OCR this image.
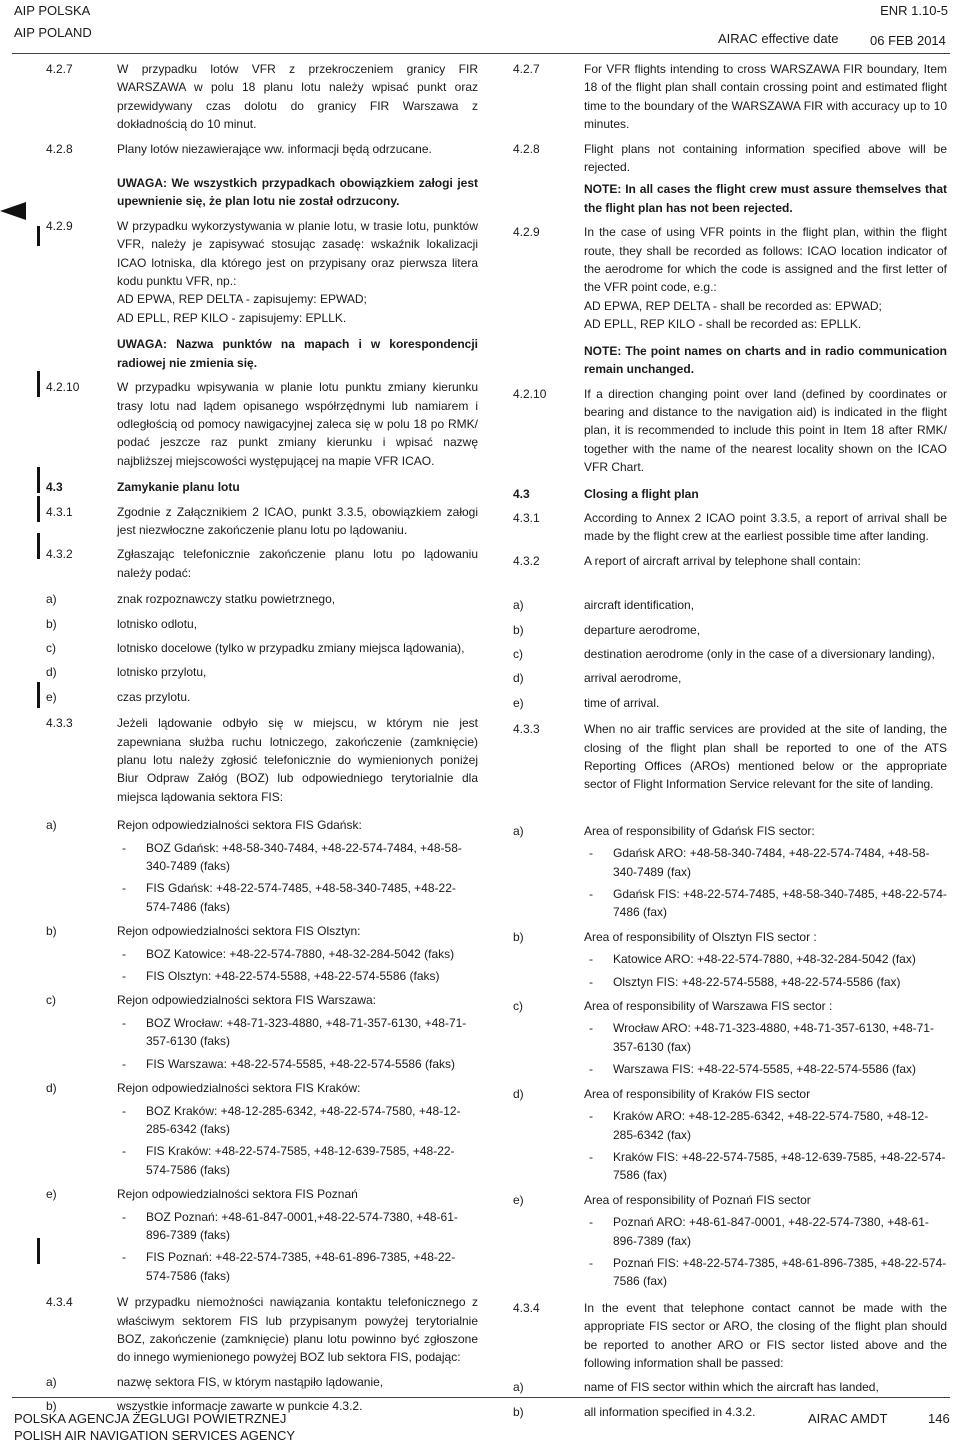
AIP POLSKA
AIP POLAND
ENR 1.10-5
AIRAC effective date 06 FEB 2014
4.2.7	W przypadku lotów VFR z przekroczeniem granicy FIR WARSZAWA w polu 18 planu lotu należy wpisać punkt oraz przewidywany czas dolotu do granicy FIR Warszawa z dokładnością do 10 minut.
4.2.8	Plany lotów niezawierające ww. informacji będą odrzucane.
UWAGA: We wszystkich przypadkach obowiązkiem załogi jest upewnienie się, że plan lotu nie został odrzucony.
4.2.9	W przypadku wykorzystywania w planie lotu, w trasie lotu, punktów VFR, należy je zapisywać stosując zasadę: wskaźnik lokalizacji ICAO lotniska, dla którego jest on przypisany oraz pierwsza litera kodu punktu VFR, np.:
AD EPWA, REP DELTA - zapisujemy: EPWAD;
AD EPLL, REP KILO - zapisujemy: EPLLK.
UWAGA: Nazwa punktów na mapach i w korespondencji radiowej nie zmienia się.
4.2.10	W przypadku wpisywania w planie lotu punktu zmiany kierunku trasy lotu nad lądem opisanego współrzędnymi lub namiarem i odległością od pomocy nawigacyjnej zaleca się w polu 18 po RMK/ podać jeszcze raz punkt zmiany kierunku i wpisać nazwę najbliższej miejscowości występującej na mapie VFR ICAO.
4.3	Zamykanie planu lotu
4.3.1	Zgodnie z Załącznikiem 2 ICAO, punkt 3.3.5, obowiązkiem załogi jest niezwłoczne zakończenie planu lotu po lądowaniu.
4.3.2	Zgłaszając telefonicznie zakończenie planu lotu po lądowaniu należy podać:
a)	znak rozpoznawczy statku powietrznego,
b)	lotnisko odlotu,
c)	lotnisko docelowe (tylko w przypadku zmiany miejsca lądowania),
d)	lotnisko przylotu,
e)	czas przylotu.
4.3.3	Jeżeli lądowanie odbyło się w miejscu, w którym nie jest zapewniana służba ruchu lotniczego, zakończenie (zamknięcie) planu lotu należy zgłosić telefonicznie do wymienionych poniżej Biur Odpraw Załóg (BOZ) lub odpowiedniego terytorialnie dla miejsca lądowania sektora FIS:
a)	Rejon odpowiedzialności sektora FIS Gdańsk:
- BOZ Gdańsk: +48-58-340-7484, +48-22-574-7484, +48-58-340-7489 (faks)
- FIS Gdańsk: +48-22-574-7485, +48-58-340-7485, +48-22-574-7486 (faks)
b)	Rejon odpowiedzialności sektora FIS Olsztyn:
- BOZ Katowice: +48-22-574-7880, +48-32-284-5042 (faks)
- FIS Olsztyn: +48-22-574-5588, +48-22-574-5586 (faks)
c)	Rejon odpowiedzialności sektora FIS Warszawa:
- BOZ Wrocław: +48-71-323-4880, +48-71-357-6130, +48-71-357-6130 (faks)
- FIS Warszawa: +48-22-574-5585, +48-22-574-5586 (faks)
d)	Rejon odpowiedzialności sektora FIS Kraków:
- BOZ Kraków: +48-12-285-6342, +48-22-574-7580, +48-12-285-6342 (faks)
- FIS Kraków: +48-22-574-7585, +48-12-639-7585, +48-22-574-7586 (faks)
e)	Rejon odpowiedzialności sektora FIS Poznań
- BOZ Poznań: +48-61-847-0001,+48-22-574-7380, +48-61-896-7389 (faks)
- FIS Poznań: +48-22-574-7385, +48-61-896-7385, +48-22-574-7586 (faks)
4.3.4	W przypadku niemożności nawiązania kontaktu telefonicznego z właściwym sektorem FIS lub przypisanym powyżej terytorialnie BOZ, zakończenie (zamknięcie) planu lotu powinno być zgłoszone do innego wymienionego powyżej BOZ lub sektora FIS, podając:
a)	nazwę sektora FIS, w którym nastąpiło lądowanie,
b)	wszystkie informacje zawarte w punkcie 4.3.2.
4.2.7	For VFR flights intending to cross WARSZAWA FIR boundary, Item 18 of the flight plan shall contain crossing point and estimated flight time to the boundary of the WARSZAWA FIR with accuracy up to 10 minutes.
4.2.8	Flight plans not containing information specified above will be rejected.
NOTE: In all cases the flight crew must assure themselves that the flight plan has not been rejected.
4.2.9	In the case of using VFR points in the flight plan, within the flight route, they shall be recorded as follows: ICAO location indicator of the aerodrome for which the code is assigned and the first letter of the VFR point code, e.g.:
AD EPWA, REP DELTA - shall be recorded as: EPWAD;
AD EPLL, REP KILO - shall be recorded as: EPLLK.
NOTE: The point names on charts and in radio communication remain unchanged.
4.2.10	If a direction changing point over land (defined by coordinates or bearing and distance to the navigation aid) is indicated in the flight plan, it is recommended to include this point in Item 18 after RMK/ together with the name of the nearest locality shown on the ICAO VFR Chart.
4.3	Closing a flight plan
4.3.1	According to Annex 2 ICAO point 3.3.5, a report of arrival shall be made by the flight crew at the earliest possible time after landing.
4.3.2	A report of aircraft arrival by telephone shall contain:
a)	aircraft identification,
b)	departure aerodrome,
c)	destination aerodrome (only in the case of a diversionary landing),
d)	arrival aerodrome,
e)	time of arrival.
4.3.3	When no air traffic services are provided at the site of landing, the closing of the flight plan shall be reported to one of the ATS Reporting Offices (AROs) mentioned below or the appropriate sector of Flight Information Service relevant for the site of landing.
a)	Area of responsibility of Gdańsk FIS sector:
- Gdańsk ARO: +48-58-340-7484, +48-22-574-7484, +48-58-340-7489 (fax)
- Gdańsk FIS: +48-22-574-7485, +48-58-340-7485, +48-22-574-7486 (fax)
b)	Area of responsibility of Olsztyn FIS sector :
- Katowice ARO: +48-22-574-7880, +48-32-284-5042 (fax)
- Olsztyn FIS: +48-22-574-5588, +48-22-574-5586 (fax)
c)	Area of responsibility of Warszawa FIS sector :
- Wrocław ARO: +48-71-323-4880, +48-71-357-6130, +48-71-357-6130 (fax)
- Warszawa FIS: +48-22-574-5585, +48-22-574-5586 (fax)
d)	Area of responsibility of Kraków FIS sector
- Kraków ARO: +48-12-285-6342, +48-22-574-7580, +48-12-285-6342 (fax)
- Kraków FIS: +48-22-574-7585, +48-12-639-7585, +48-22-574-7586 (fax)
e)	Area of responsibility of Poznań FIS sector
- Poznań ARO: +48-61-847-0001, +48-22-574-7380, +48-61-896-7389 (fax)
- Poznań FIS: +48-22-574-7385, +48-61-896-7385, +48-22-574-7586 (fax)
4.3.4	In the event that telephone contact cannot be made with the appropriate FIS sector or ARO, the closing of the flight plan should be reported to another ARO or FIS sector listed above and the following information shall be passed:
a)	name of FIS sector within which the aircraft has landed,
b)	all information specified in 4.3.2.
POLSKA AGENCJA ŻEGLUGI POWIETRZNEJ
POLISH AIR NAVIGATION SERVICES AGENCY
AIRAC AMDT	146
